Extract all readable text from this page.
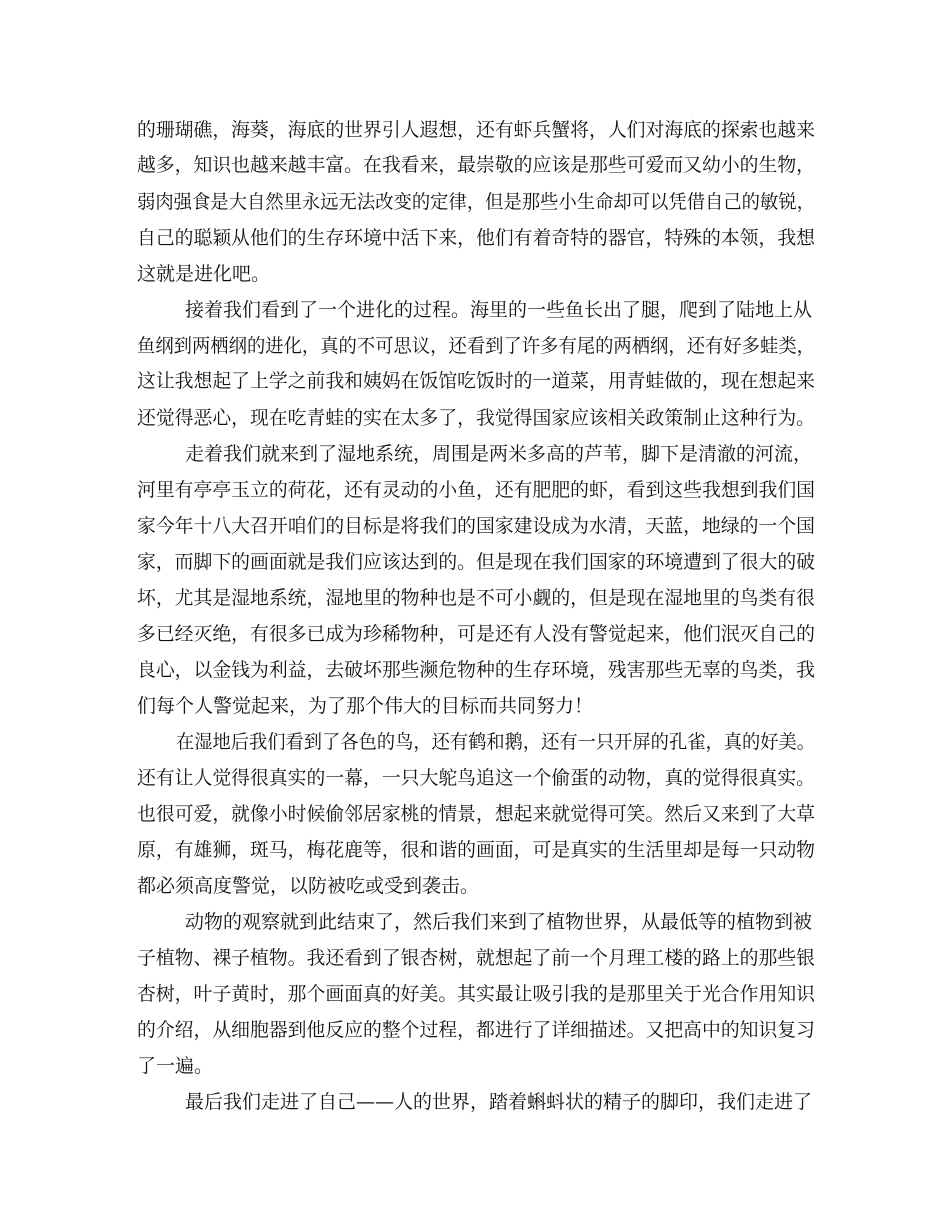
的珊瑚礁，海葵，海底的世界引人遐想，还有虾兵蟹将，人们对海底的探索也越来
越多，知识也越来越丰富。在我看来，最崇敬的应该是那些可爱而又幼小的生物，
弱肉强食是大自然里永远无法改变的定律，但是那些小生命却可以凭借自己的敏锐，
自己的聪颖从他们的生存环境中活下来，他们有着奇特的器官，特殊的本领，我想
这就是进化吧。
接着我们看到了一个进化的过程。海里的一些鱼长出了腿，爬到了陆地上从
鱼纲到两栖纲的进化，真的不可思议，还看到了许多有尾的两栖纲，还有好多蛙类，
这让我想起了上学之前我和姨妈在饭馆吃饭时的一道菜，用青蛙做的，现在想起来
还觉得恶心，现在吃青蛙的实在太多了，我觉得国家应该相关政策制止这种行为。
走着我们就来到了湿地系统，周围是两米多高的芦苇，脚下是清澈的河流，
河里有亭亭玉立的荷花，还有灵动的小鱼，还有肥肥的虾，看到这些我想到我们国
家今年十八大召开咱们的目标是将我们的国家建设成为水清，天蓝，地绿的一个国
家，而脚下的画面就是我们应该达到的。但是现在我们国家的环境遭到了很大的破
坏，尤其是湿地系统，湿地里的物种也是不可小觑的，但是现在湿地里的鸟类有很
多已经灭绝，有很多已成为珍稀物种，可是还有人没有警觉起来，他们泯灭自己的
良心，以金钱为利益，去破坏那些濒危物种的生存环境，残害那些无辜的鸟类，我
们每个人警觉起来，为了那个伟大的目标而共同努力！
在湿地后我们看到了各色的鸟，还有鹤和鹅，还有一只开屏的孔雀，真的好美。
还有让人觉得很真实的一幕，一只大鸵鸟追这一个偷蛋的动物，真的觉得很真实。
也很可爱，就像小时候偷邻居家桃的情景，想起来就觉得可笑。然后又来到了大草
原，有雄狮，斑马，梅花鹿等，很和谐的画面，可是真实的生活里却是每一只动物
都必须高度警觉，以防被吃或受到袭击。
动物的观察就到此结束了，然后我们来到了植物世界，从最低等的植物到被
子植物、裸子植物。我还看到了银杏树，就想起了前一个月理工楼的路上的那些银
杏树，叶子黄时，那个画面真的好美。其实最让吸引我的是那里关于光合作用知识
的介绍，从细胞器到他反应的整个过程，都进行了详细描述。又把高中的知识复习
了一遍。
最后我们走进了自己——人的世界，踏着蝌蚪状的精子的脚印，我们走进了
